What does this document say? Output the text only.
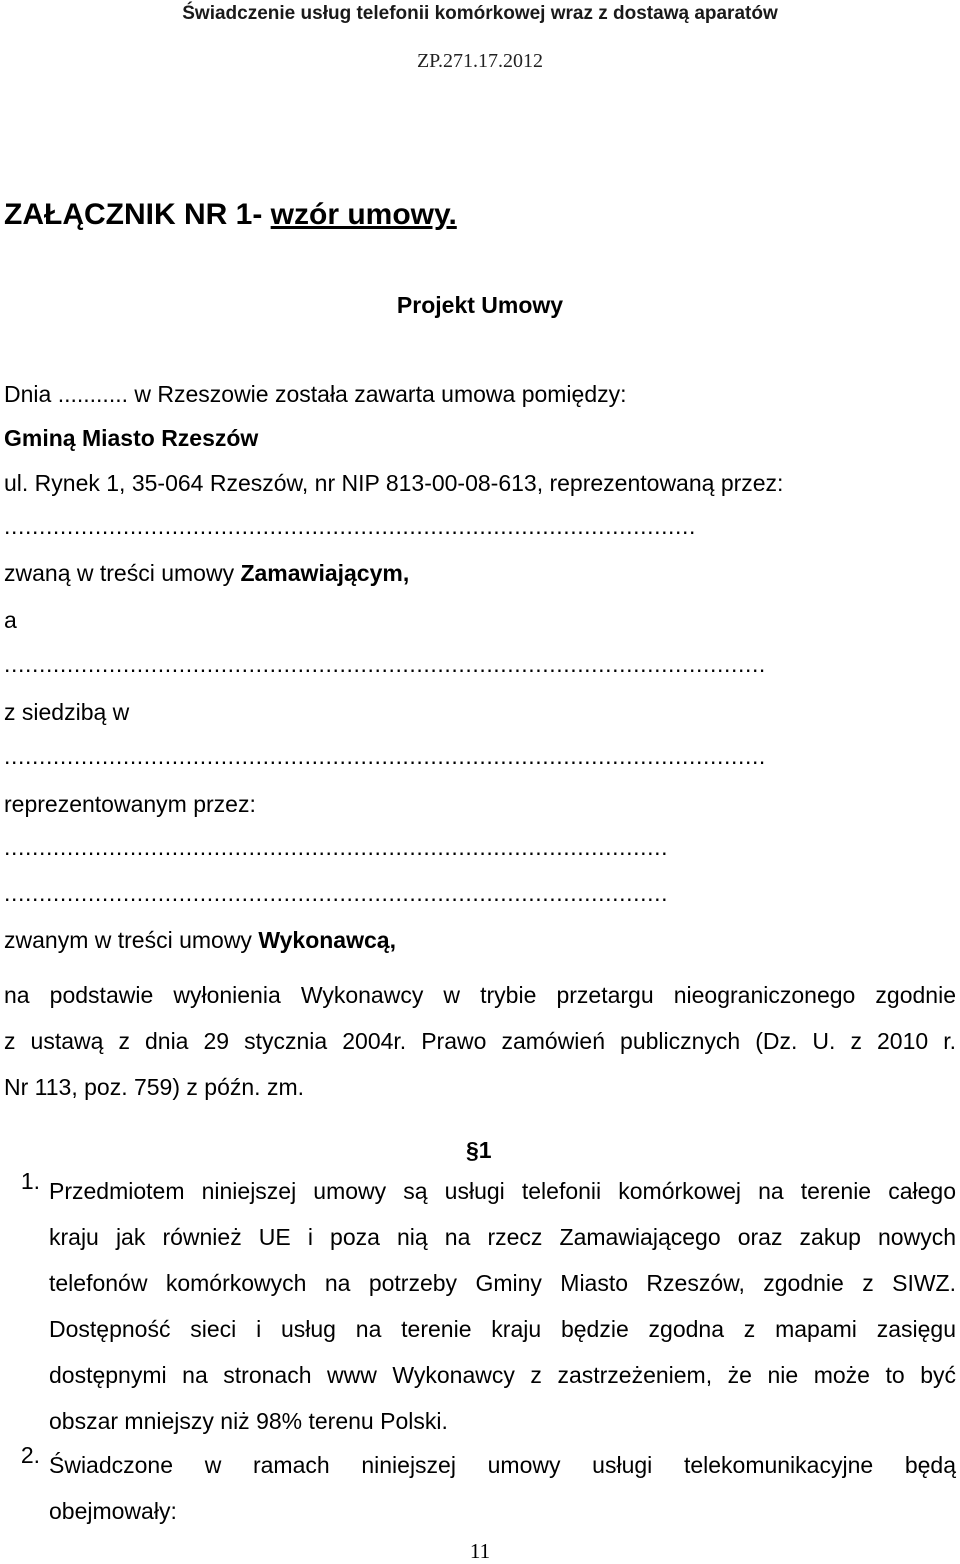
Świadczenie usług telefonii komórkowej wraz z dostawą aparatów
ZP.271.17.2012
ZAŁĄCZNIK NR 1- wzór umowy.
Projekt Umowy
Dnia ........... w Rzeszowie została zawarta umowa pomiędzy:
Gminą Miasto Rzeszów
ul. Rynek 1, 35-064 Rzeszów, nr NIP 813-00-08-613, reprezentowaną przez:
...................................................................................................
zwaną w treści umowy Zamawiającym,
a
.............................................................................................................
z siedzibą w
.............................................................................................................
reprezentowanym przez:
...............................................................................................
...............................................................................................
zwanym w treści umowy Wykonawcą,
na podstawie wyłonienia Wykonawcy w trybie przetargu nieograniczonego zgodnie
z ustawą z dnia 29 stycznia 2004r. Prawo zamówień publicznych (Dz. U. z 2010 r.
Nr 113, poz. 759) z późn. zm.
§1
1. Przedmiotem niniejszej umowy są usługi telefonii komórkowej na terenie całego
kraju jak również UE i poza nią na rzecz Zamawiającego oraz zakup nowych
telefonów komórkowych na potrzeby Gminy Miasto Rzeszów, zgodnie z SIWZ.
Dostępność sieci i usług na terenie kraju będzie zgodna z mapami zasięgu
dostępnymi na stronach www Wykonawcy z zastrzeżeniem, że nie może to być
obszar mniejszy niż 98% terenu Polski.
2. Świadczone w ramach niniejszej umowy usługi telekomunikacyjne będą
obejmowały:
11
